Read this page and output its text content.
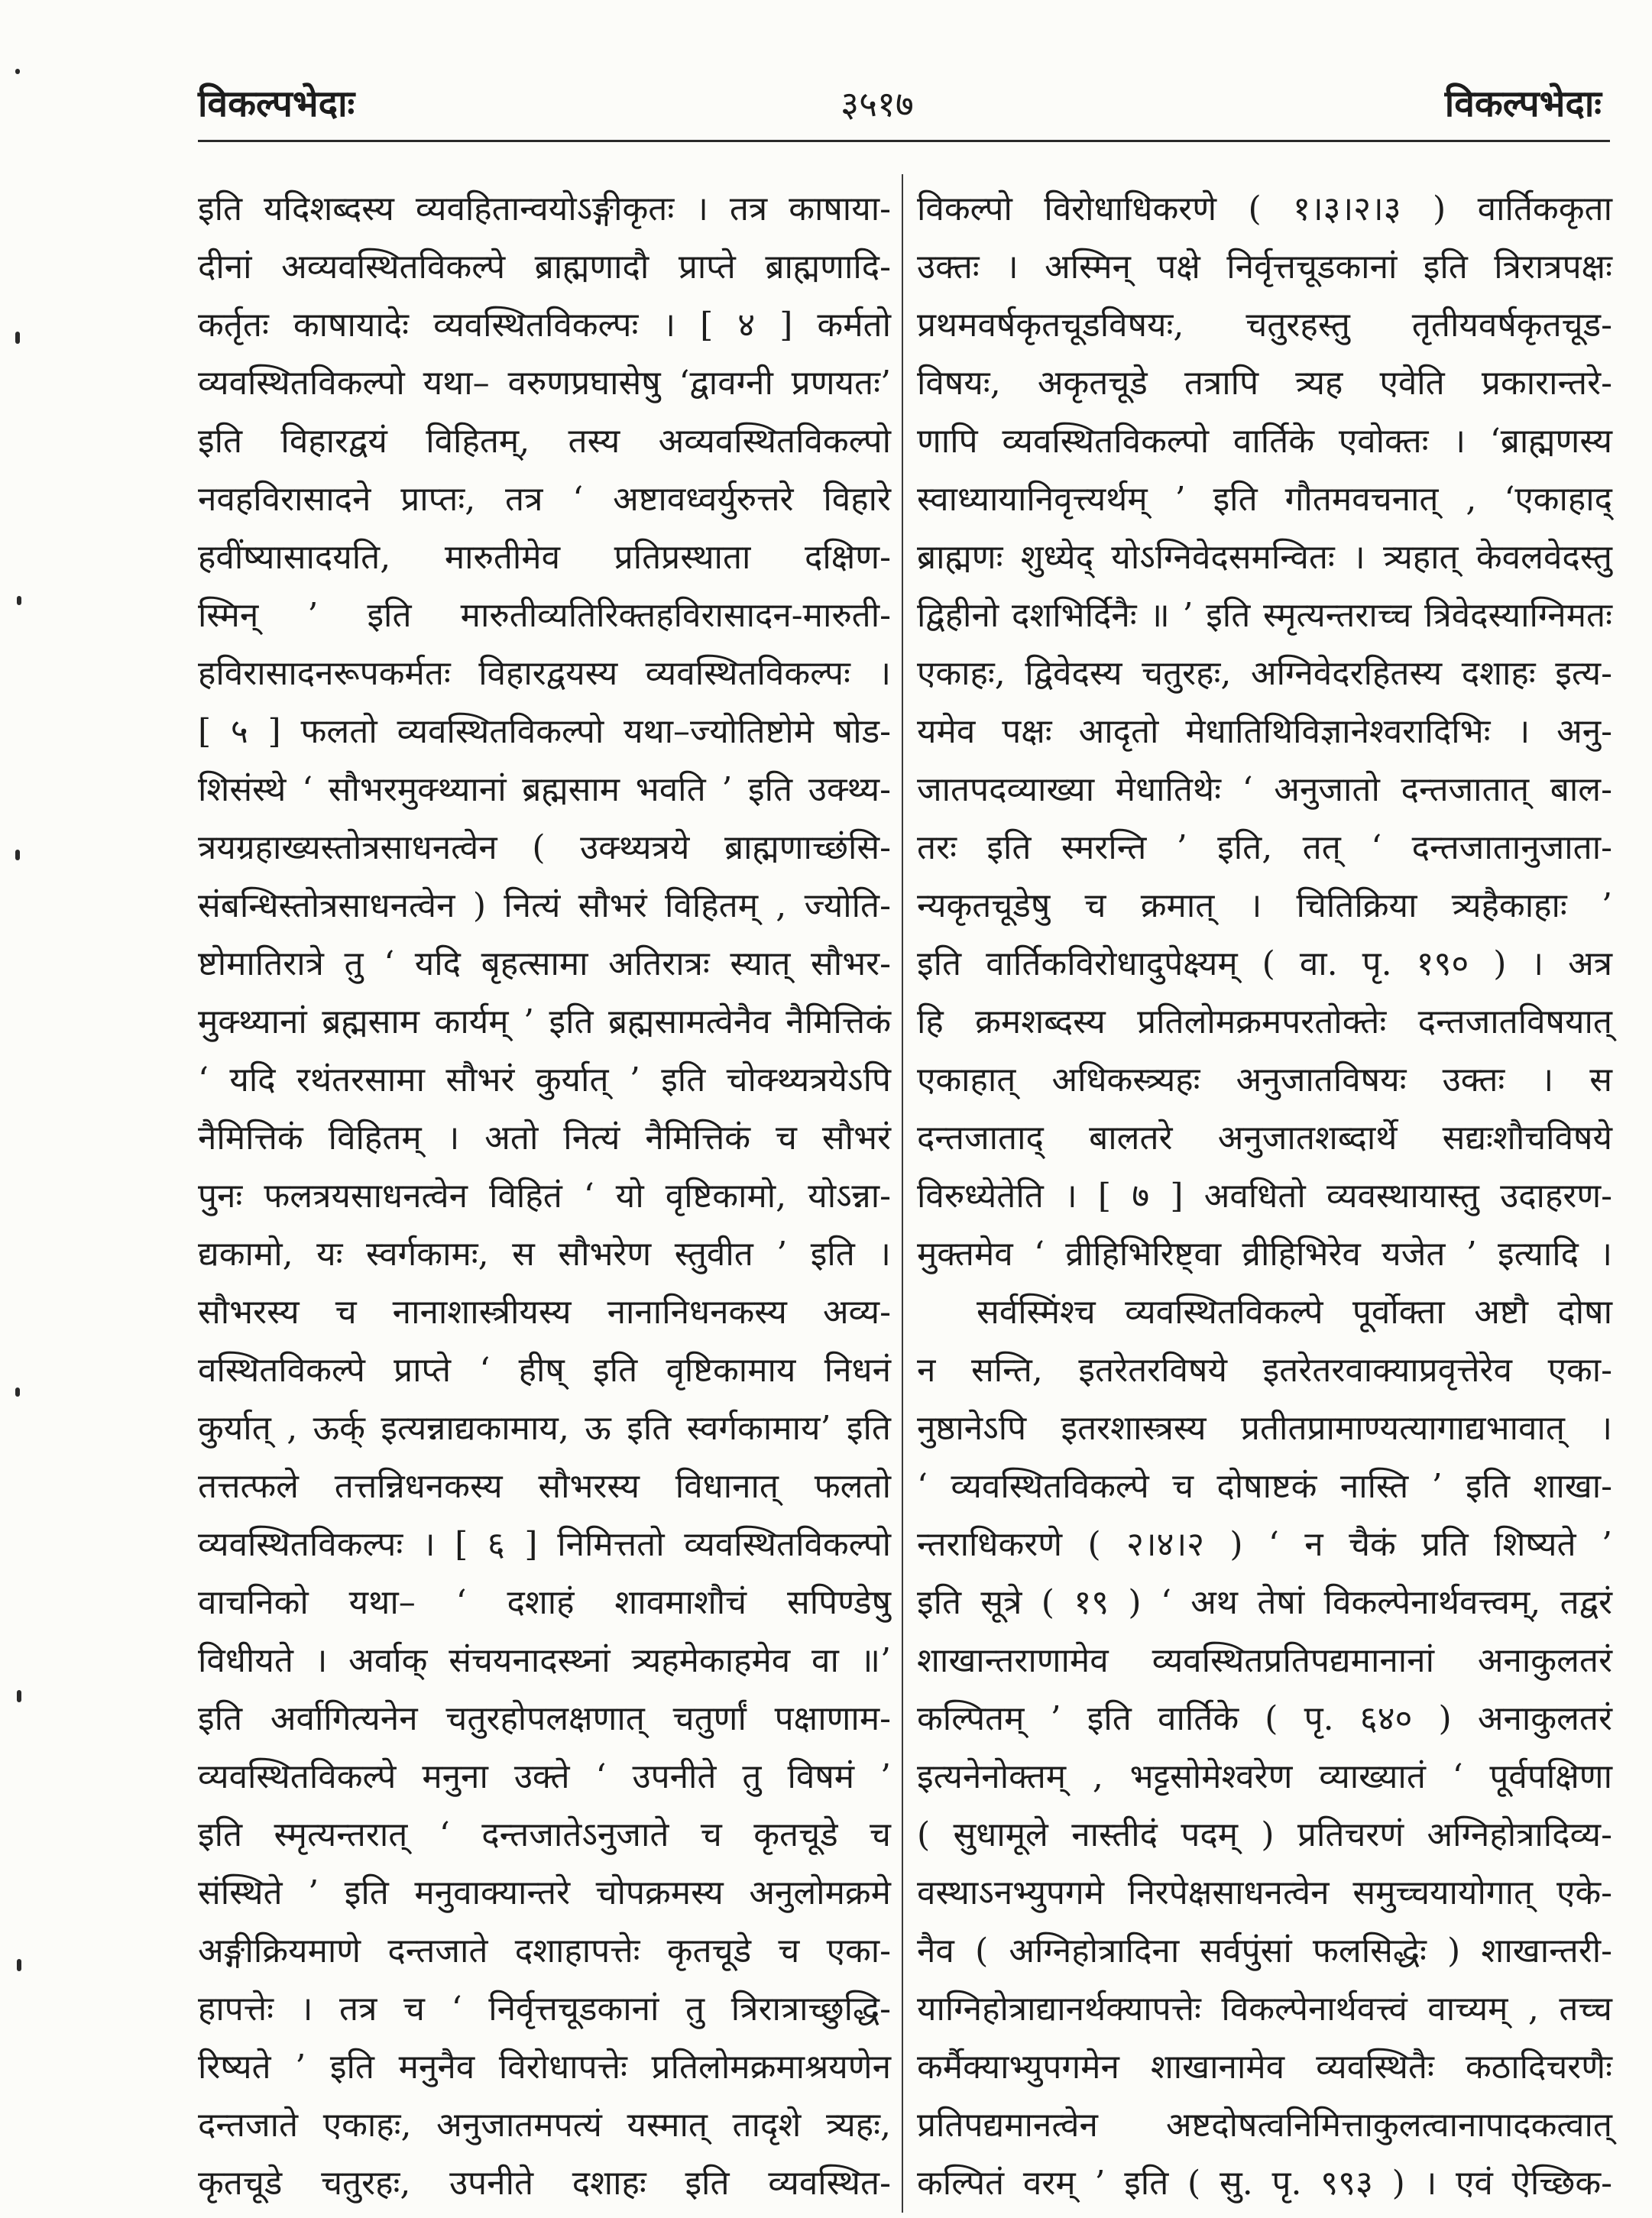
विकल्पभेदाः	३५१७	विकल्पभेदाः
इति यदिशब्दस्य व्यवहितान्वयोऽङ्गीकृतः । तत्र काषाया-
दीनां अव्यवस्थितविकल्पे ब्राह्मणादौ प्राप्ते ब्राह्मणादि-
कर्तृतः काषायादेः व्यवस्थितविकल्पः । [ ४ ] कर्मतो
व्यवस्थितविकल्पो यथा– वरुणप्रघासेषु ‘द्वावग्नी प्रणयतः’
इति विहारद्वयं विहितम्, तस्य अव्यवस्थितविकल्पो
नवहविरासादने प्राप्तः, तत्र ‘ अष्टावध्वर्युरुत्तरे विहारे
हवींष्यासादयति, मारुतीमेव प्रतिप्रस्थाता दक्षिण-
स्मिन् ’ इति मारुतीव्यतिरिक्तहविरासादन-मारुती-
हविरासादनरूपकर्मतः विहारद्वयस्य व्यवस्थितविकल्पः ।
[ ५ ] फलतो व्यवस्थितविकल्पो यथा–ज्योतिष्टोमे षोड-
शिसंस्थे ‘ सौभरमुक्थ्यानां ब्रह्मसाम भवति ’ इति उक्थ्य-
त्रयग्रहाख्यस्तोत्रसाधनत्वेन ( उक्थ्यत्रये ब्राह्मणाच्छंसि-
संबन्धिस्तोत्रसाधनत्वेन ) नित्यं सौभरं विहितम् , ज्योति-
ष्टोमातिरात्रे तु ‘ यदि बृहत्सामा अतिरात्रः स्यात् सौभर-
मुक्थ्यानां ब्रह्मसाम कार्यम् ’ इति ब्रह्मसामत्वेनैव नैमित्तिकं
‘ यदि रथंतरसामा सौभरं कुर्यात् ’ इति चोक्थ्यत्रयेऽपि
नैमित्तिकं विहितम् । अतो नित्यं नैमित्तिकं च सौभरं
पुनः फलत्रयसाधनत्वेन विहितं ‘ यो वृष्टिकामो, योऽन्ना-
द्यकामो, यः स्वर्गकामः, स सौभरेण स्तुवीत ’ इति ।
सौभरस्य च नानाशास्त्रीयस्य नानानिधनकस्य अव्य-
वस्थितविकल्पे प्राप्ते ‘ हीष् इति वृष्टिकामाय निधनं
कुर्यात् , ऊर्क् इत्यन्नाद्यकामाय, ऊ इति स्वर्गकामाय’ इति
तत्तत्फले तत्तन्निधनकस्य सौभरस्य विधानात् फलतो
व्यवस्थितविकल्पः । [ ६ ] निमित्ततो व्यवस्थितविकल्पो
वाचनिको यथा– ‘ दशाहं शावमाशौचं सपिण्डेषु
विधीयते । अर्वाक् संचयनादस्थ्नां त्र्यहमेकाहमेव वा ॥’
इति अर्वागित्यनेन चतुरहोपलक्षणात् चतुर्णां पक्षाणाम-
व्यवस्थितविकल्पे मनुना उक्ते ‘ उपनीते तु विषमं ’
इति स्मृत्यन्तरात् ‘ दन्तजातेऽनुजाते च कृतचूडे च
संस्थिते ’ इति मनुवाक्यान्तरे चोपक्रमस्य अनुलोमक्रमे
अङ्गीक्रियमाणे दन्तजाते दशाहापत्तेः कृतचूडे च एका-
हापत्तेः । तत्र च ‘ निर्वृत्तचूडकानां तु त्रिरात्राच्छुद्धि-
रिष्यते ’ इति मनुनैव विरोधापत्तेः प्रतिलोमक्रमाश्रयणेन
दन्तजाते एकाहः, अनुजातमपत्यं यस्मात् तादृशे त्र्यहः,
कृतचूडे चतुरहः, उपनीते दशाहः इति व्यवस्थित-
विकल्पो विरोधाधिकरणे ( १।३।२।३ ) वार्तिककृता
उक्तः । अस्मिन् पक्षे निर्वृत्तचूडकानां इति त्रिरात्रपक्षः
प्रथमवर्षकृतचूडविषयः, चतुरहस्तु तृतीयवर्षकृतचूड-
विषयः, अकृतचूडे तत्रापि त्र्यह एवेति प्रकारान्तरे-
णापि व्यवस्थितविकल्पो वार्तिके एवोक्तः । ‘ब्राह्मणस्य
स्वाध्यायानिवृत्त्यर्थम् ’ इति गौतमवचनात् , ‘एकाहाद्
ब्राह्मणः शुध्येद् योऽग्निवेदसमन्वितः । त्र्यहात् केवलवेदस्तु
द्विहीनो दशभिर्दिनैः ॥ ’ इति स्मृत्यन्तराच्च त्रिवेदस्याग्निमतः
एकाहः, द्विवेदस्य चतुरहः, अग्निवेदरहितस्य दशाहः इत्य-
यमेव पक्षः आदृतो मेधातिथिविज्ञानेश्वरादिभिः । अनु-
जातपदव्याख्या मेधातिथेः ‘ अनुजातो दन्तजातात् बाल-
तरः इति स्मरन्ति ’ इति, तत् ‘ दन्तजातानुजाता-
न्यकृतचूडेषु च क्रमात् । चितिक्रिया त्र्यहैकाहाः ’
इति वार्तिकविरोधादुपेक्ष्यम् ( वा. पृ. १९० ) । अत्र
हि क्रमशब्दस्य प्रतिलोमक्रमपरतोक्तेः दन्तजातविषयात्
एकाहात् अधिकस्त्र्यहः अनुजातविषयः उक्तः । स
दन्तजाताद् बालतरे अनुजातशब्दार्थे सद्यःशौचविषये
विरुध्येतेति । [ ७ ] अवधितो व्यवस्थायास्तु उदाहरण-
मुक्तमेव ‘ व्रीहिभिरिष्ट्वा व्रीहिभिरेव यजेत ’ इत्यादि ।
सर्वस्मिंश्च व्यवस्थितविकल्पे पूर्वोक्ता अष्टौ दोषा
न सन्ति, इतरेतरविषये इतरेतरवाक्याप्रवृत्तेरेव एका-
नुष्ठानेऽपि इतरशास्त्रस्य प्रतीतप्रामाण्यत्यागाद्यभावात् ।
‘ व्यवस्थितविकल्पे च दोषाष्टकं नास्ति ’ इति शाखा-
न्तराधिकरणे ( २।४।२ ) ‘ न चैकं प्रति शिष्यते ’
इति सूत्रे ( १९ ) ‘ अथ तेषां विकल्पेनार्थवत्त्वम्, तद्वरं
शाखान्तराणामेव व्यवस्थितप्रतिपद्यमानानां अनाकुलतरं
कल्पितम् ’ इति वार्तिके ( पृ. ६४० ) अनाकुलतरं
इत्यनेनोक्तम् , भट्टसोमेश्वरेण व्याख्यातं ‘ पूर्वपक्षिणा
( सुधामूले नास्तीदं पदम् ) प्रतिचरणं अग्निहोत्रादिव्य-
वस्थाऽनभ्युपगमे निरपेक्षसाधनत्वेन समुच्चयायोगात् एके-
नैव ( अग्निहोत्रादिना सर्वपुंसां फलसिद्धेः ) शाखान्तरी-
याग्निहोत्राद्यानर्थक्यापत्तेः विकल्पेनार्थवत्त्वं वाच्यम् , तच्च
कर्मैक्याभ्युपगमेन शाखानामेव व्यवस्थितैः कठादिचरणैः
प्रतिपद्यमानत्वेन अष्टदोषत्वनिमित्ताकुलत्वानापादकत्वात्
कल्पितं वरम् ’ इति ( सु. पृ. ९९३ ) । एवं ऐच्छिक-
